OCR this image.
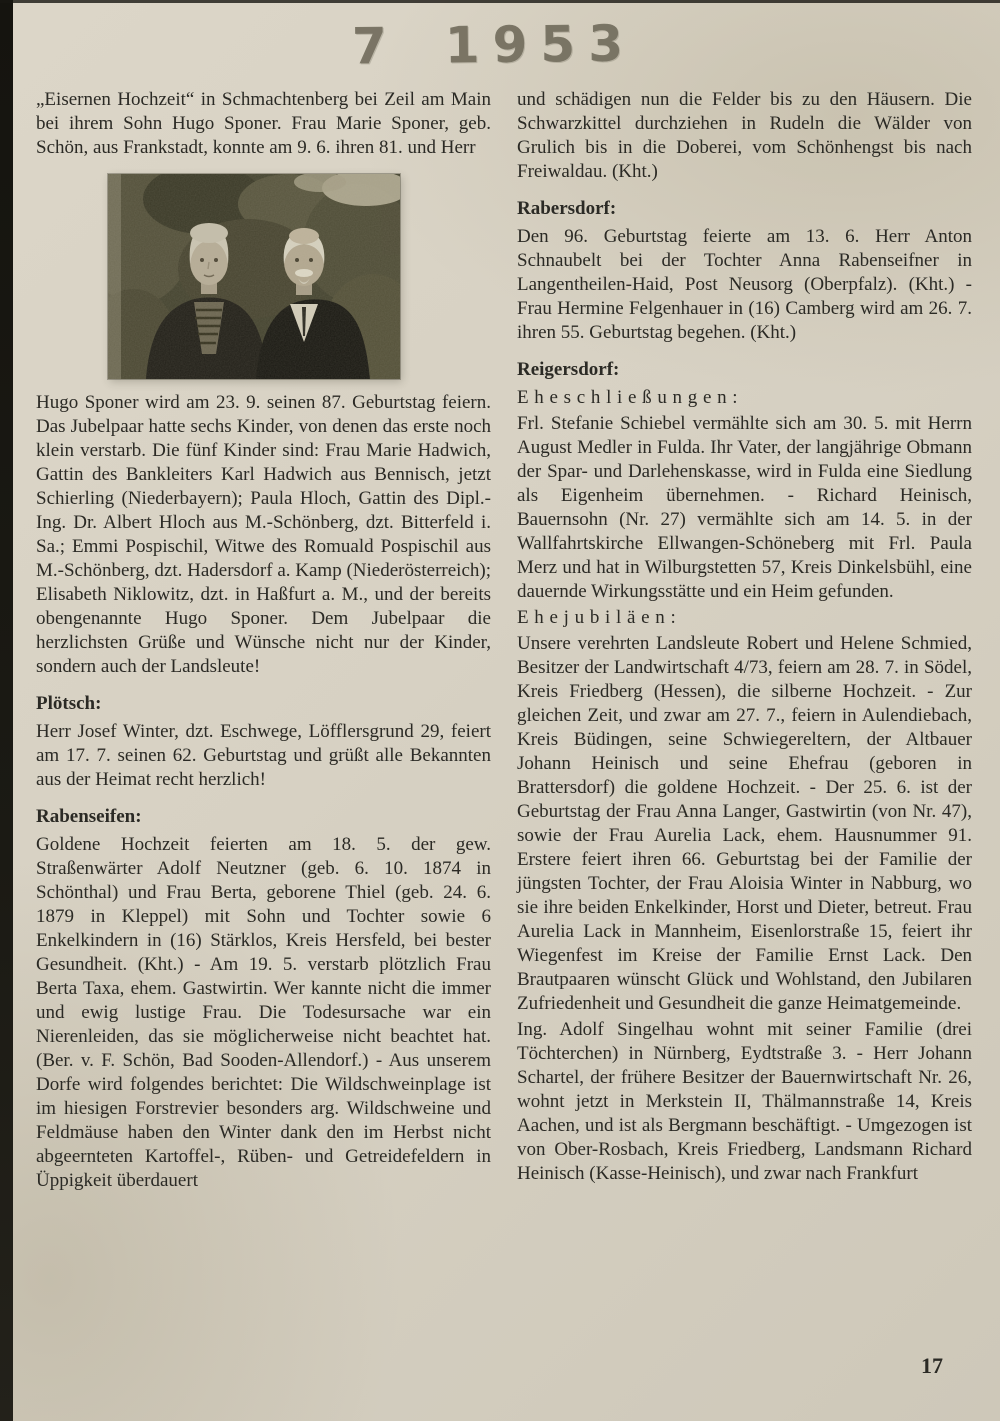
7 1953

„Eisernen Hochzeit“ in Schmachtenberg bei Zeil am Main bei ihrem Sohn Hugo Sponer. Frau Marie Sponer, geb. Schön, aus Frankstadt, konnte am 9. 6. ihren 81. und Herr

Hugo Sponer wird am 23. 9. seinen 87. Geburtstag feiern. Das Jubelpaar hatte sechs Kinder, von denen das erste noch klein verstarb. Die fünf Kinder sind: Frau Marie Hadwich, Gattin des Bankleiters Karl Hadwich aus Bennisch, jetzt Schierling (Niederbayern); Paula Hloch, Gattin des Dipl.-Ing. Dr. Albert Hloch aus M.-Schönberg, dzt. Bitterfeld i. Sa.; Emmi Pospischil, Witwe des Romuald Pospischil aus M.-Schönberg, dzt. Hadersdorf a. Kamp (Niederösterreich); Elisabeth Niklowitz, dzt. in Haßfurt a. M., und der bereits obengenannte Hugo Sponer. Dem Jubelpaar die herzlichsten Grüße und Wünsche nicht nur der Kinder, sondern auch der Landsleute!

Plötsch:

Herr Josef Winter, dzt. Eschwege, Löfflersgrund 29, feiert am 17. 7. seinen 62. Geburtstag und grüßt alle Bekannten aus der Heimat recht herzlich!

Rabenseifen:

Goldene Hochzeit feierten am 18. 5. der gew. Straßenwärter Adolf Neutzner (geb. 6. 10. 1874 in Schönthal) und Frau Berta, geborene Thiel (geb. 24. 6. 1879 in Kleppel) mit Sohn und Tochter sowie 6 Enkelkindern in (16) Stärklos, Kreis Hersfeld, bei bester Gesundheit. (Kht.) - Am 19. 5. verstarb plötzlich Frau Berta Taxa, ehem. Gastwirtin. Wer kannte nicht die immer und ewig lustige Frau. Die Todesursache war ein Nierenleiden, das sie möglicherweise nicht beachtet hat. (Ber. v. F. Schön, Bad Sooden-Allendorf.) - Aus unserem Dorfe wird folgendes berichtet: Die Wildschweinplage ist im hiesigen Forstrevier besonders arg. Wildschweine und Feldmäuse haben den Winter dank den im Herbst nicht abgeernteten Kartoffel-, Rüben- und Getreidefeldern in Üppigkeit überdauert

und schädigen nun die Felder bis zu den Häusern. Die Schwarzkittel durchziehen in Rudeln die Wälder von Grulich bis in die Doberei, vom Schönhengst bis nach Freiwaldau. (Kht.)

Rabersdorf:

Den 96. Geburtstag feierte am 13. 6. Herr Anton Schnaubelt bei der Tochter Anna Rabenseifner in Langentheilen-Haid, Post Neusorg (Oberpfalz). (Kht.) - Frau Hermine Felgenhauer in (16) Camberg wird am 26. 7. ihren 55. Geburtstag begehen. (Kht.)

Reigersdorf:
Eheschließungen:

Frl. Stefanie Schiebel vermählte sich am 30. 5. mit Herrn August Medler in Fulda. Ihr Vater, der langjährige Obmann der Spar- und Darlehenskasse, wird in Fulda eine Siedlung als Eigenheim übernehmen. - Richard Heinisch, Bauernsohn (Nr. 27) vermählte sich am 14. 5. in der Wallfahrtskirche Ellwangen-Schöneberg mit Frl. Paula Merz und hat in Wilburgstetten 57, Kreis Dinkelsbühl, eine dauernde Wirkungsstätte und ein Heim gefunden.

Ehejubiläen:

Unsere verehrten Landsleute Robert und Helene Schmied, Besitzer der Landwirtschaft 4/73, feiern am 28. 7. in Södel, Kreis Friedberg (Hessen), die silberne Hochzeit. - Zur gleichen Zeit, und zwar am 27. 7., feiern in Aulendiebach, Kreis Büdingen, seine Schwiegereltern, der Altbauer Johann Heinisch und seine Ehefrau (geboren in Brattersdorf) die goldene Hochzeit. - Der 25. 6. ist der Geburtstag der Frau Anna Langer, Gastwirtin (von Nr. 47), sowie der Frau Aurelia Lack, ehem. Hausnummer 91. Erstere feiert ihren 66. Geburtstag bei der Familie der jüngsten Tochter, der Frau Aloisia Winter in Nabburg, wo sie ihre beiden Enkelkinder, Horst und Dieter, betreut. Frau Aurelia Lack in Mannheim, Eisenlorstraße 15, feiert ihr Wiegenfest im Kreise der Familie Ernst Lack. Den Brautpaaren wünscht Glück und Wohlstand, den Jubilaren Zufriedenheit und Gesundheit die ganze Heimatgemeinde.

Ing. Adolf Singelhau wohnt mit seiner Familie (drei Töchterchen) in Nürnberg, Eydtstraße 3. - Herr Johann Schartel, der frühere Besitzer der Bauernwirtschaft Nr. 26, wohnt jetzt in Merkstein II, Thälmannstraße 14, Kreis Aachen, und ist als Bergmann beschäftigt. - Umgezogen ist von Ober-Rosbach, Kreis Friedberg, Landsmann Richard Heinisch (Kasse-Heinisch), und zwar nach Frankfurt

17
